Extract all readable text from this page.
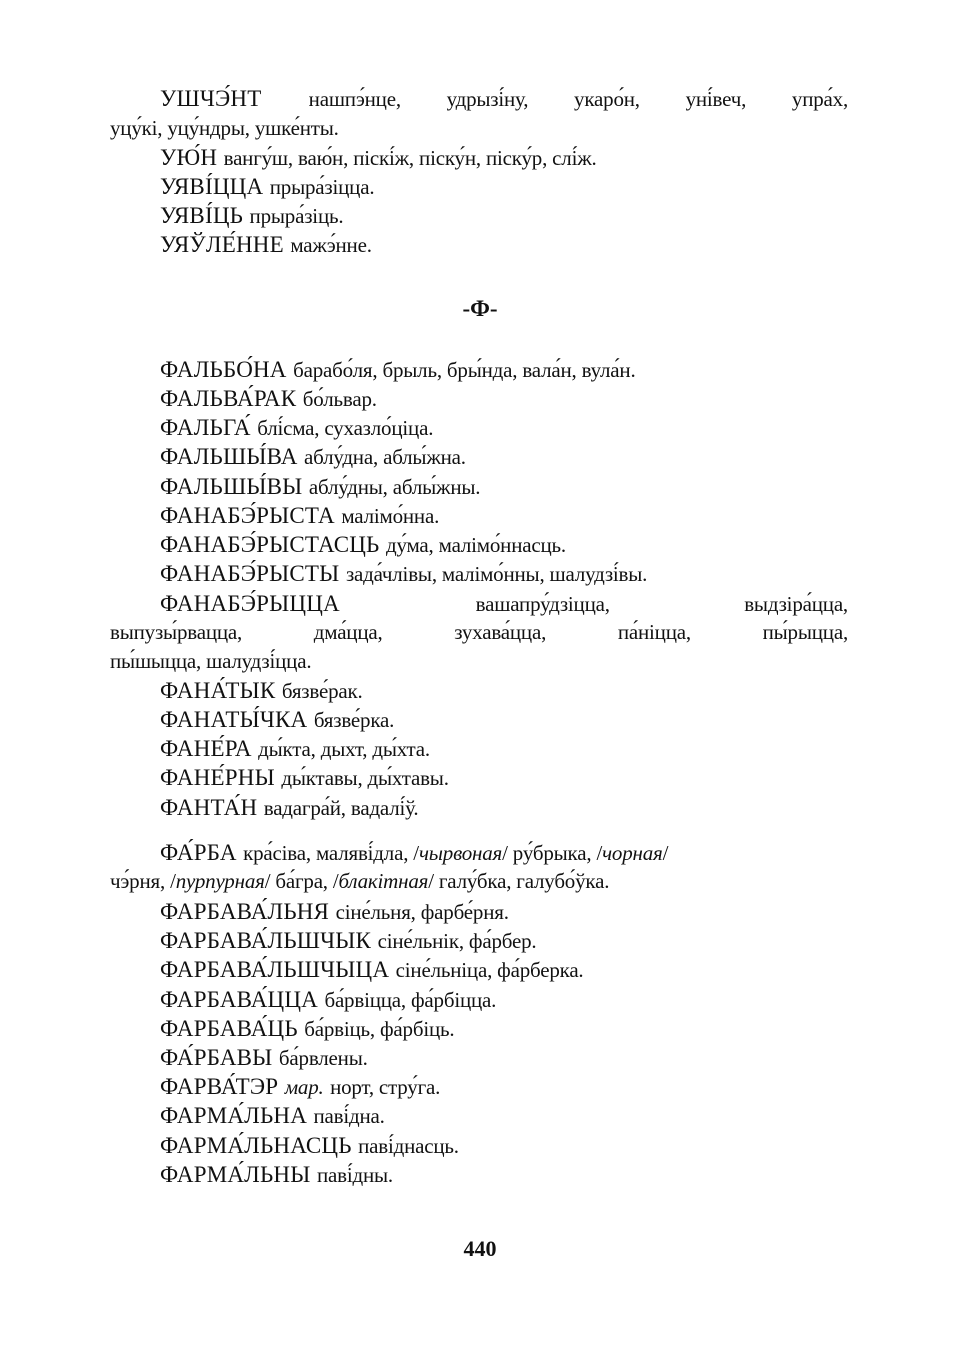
УШЧЭ́НТ нашпэ́нце, удрызі́ну, укаро́н, уні́веч, упра́х,
уцу́кі, уцу́ндры, ушке́нты.
УЮ́Н вангу́ш, ваю́н, піскі́ж, піску́н, піску́р, слі́ж.
УЯВІ́ЦЦА прыра́зіцца.
УЯВІ́ЦЬ прыра́зіць.
УЯЎЛЕ́ННЕ мажэ́нне.
-Ф-
ФАЛЬБО́НА барабо́ля, брыль, бры́нда, вала́н, вула́н.
ФАЛЬВА́РАК бо́львар.
ФАЛЬГА́ блі́сма, сухазло́ціца.
ФАЛЬШЫ́ВА аблу́дна, аблы́жна.
ФАЛЬШЫ́ВЫ аблу́дны, аблы́жны.
ФАНАБЭ́РЫСТА малімо́нна.
ФАНАБЭ́РЫСТАСЦЬ ду́ма, малімо́ннасць.
ФАНАБЭ́РЫСТЫ зада́члівы, малімо́нны, шалудзі́вы.
ФАНАБЭ́РЫЦЦА	вашапру́дзіцца, выдзіра́цца,
выпузы́рвацца, дма́цца, зухава́цца, па́ніцца, пы́рыцца,
пы́шыцца, шалудзі́цца.
ФАНА́ТЫК бязве́рак.
ФАНАТЫ́ЧКА бязве́рка.
ФАНЕ́РА ды́кта, дыхт, ды́хта.
ФАНЕ́РНЫ ды́ктавы, ды́хтавы.
ФАНТА́Н вадагра́й, вадалі́ў.
ФА́РБА кра́сіва, маляві́дла, /чырвоная/ ру́брыка, /чорная/
чэ́рня, /пурпурная/ ба́гра, /блакітная/ галу́бка, галубо́ўка.
ФАРБАВА́ЛЬНЯ сіне́льня, фарбе́рня.
ФАРБАВА́ЛЬШЧЫК сіне́льнік, фа́рбер.
ФАРБАВА́ЛЬШЧЫЦА сіне́льніца, фа́рберка.
ФАРБАВА́ЦЦА ба́рвіцца, фа́рбіцца.
ФАРБАВА́ЦЬ ба́рвіць, фа́рбіць.
ФА́РБАВЫ ба́рвлены.
ФАРВА́ТЭР мар. норт, стру́га.
ФАРМА́ЛЬНА паві́дна.
ФАРМА́ЛЬНАСЦЬ паві́днасць.
ФАРМА́ЛЬНЫ паві́дны.
440
